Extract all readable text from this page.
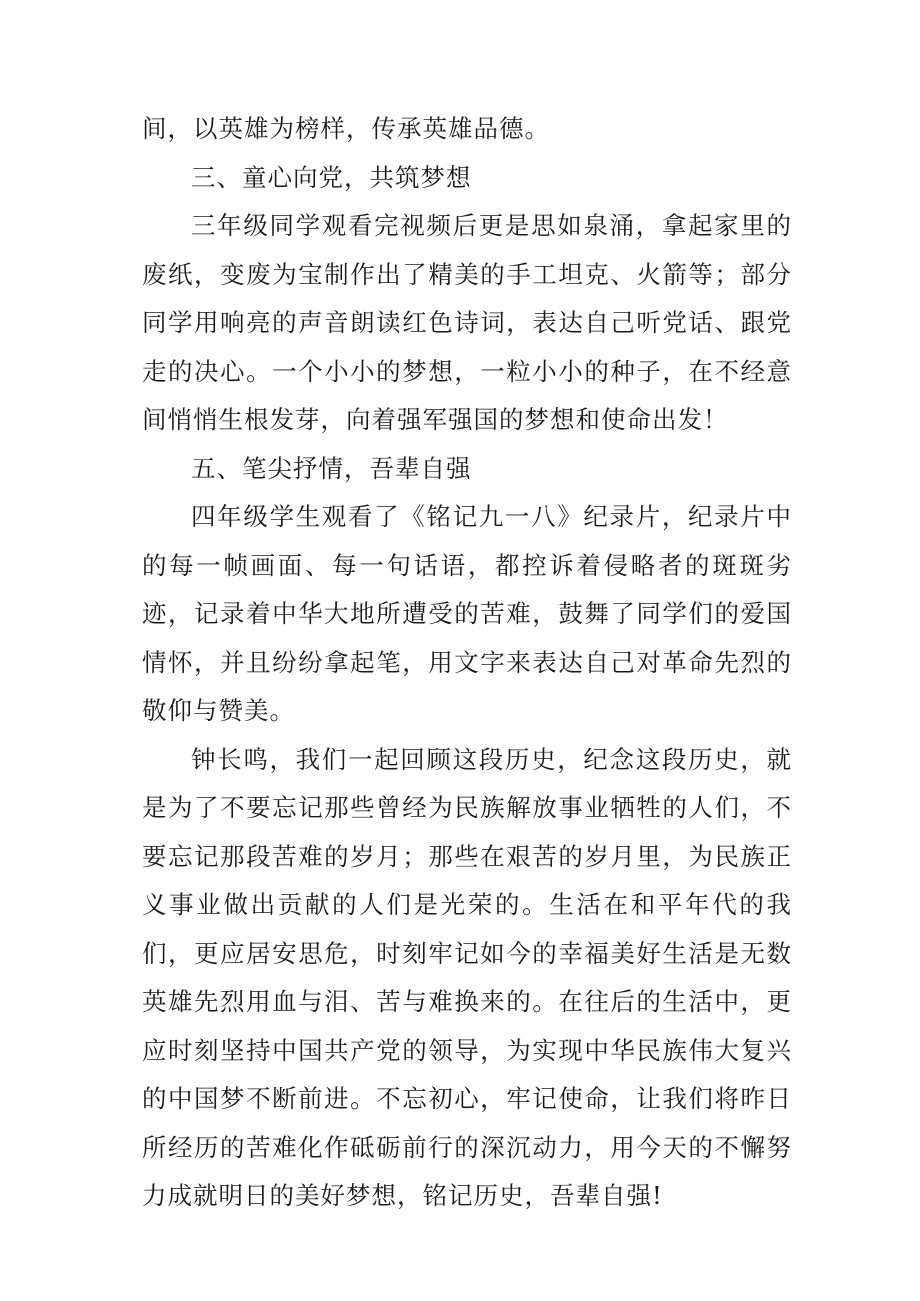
间，以英雄为榜样，传承英雄品德。

三、童心向党，共筑梦想

三年级同学观看完视频后更是思如泉涌，拿起家里的废纸，变废为宝制作出了精美的手工坦克、火箭等；部分同学用响亮的声音朗读红色诗词，表达自己听党话、跟党走的决心。一个小小的梦想，一粒小小的种子，在不经意间悄悄生根发芽，向着强军强国的梦想和使命出发！

五、笔尖抒情，吾辈自强

四年级学生观看了《铭记九一八》纪录片，纪录片中的每一帧画面、每一句话语，都控诉着侵略者的斑斑劣迹，记录着中华大地所遭受的苦难，鼓舞了同学们的爱国情怀，并且纷纷拿起笔，用文字来表达自己对革命先烈的敬仰与赞美。

钟长鸣，我们一起回顾这段历史，纪念这段历史，就是为了不要忘记那些曾经为民族解放事业牺牲的人们，不要忘记那段苦难的岁月；那些在艰苦的岁月里，为民族正义事业做出贡献的人们是光荣的。生活在和平年代的我们，更应居安思危，时刻牢记如今的幸福美好生活是无数英雄先烈用血与泪、苦与难换来的。在往后的生活中，更应时刻坚持中国共产党的领导，为实现中华民族伟大复兴的中国梦不断前进。不忘初心，牢记使命，让我们将昨日所经历的苦难化作砥砺前行的深沉动力，用今天的不懈努力成就明日的美好梦想，铭记历史，吾辈自强!
